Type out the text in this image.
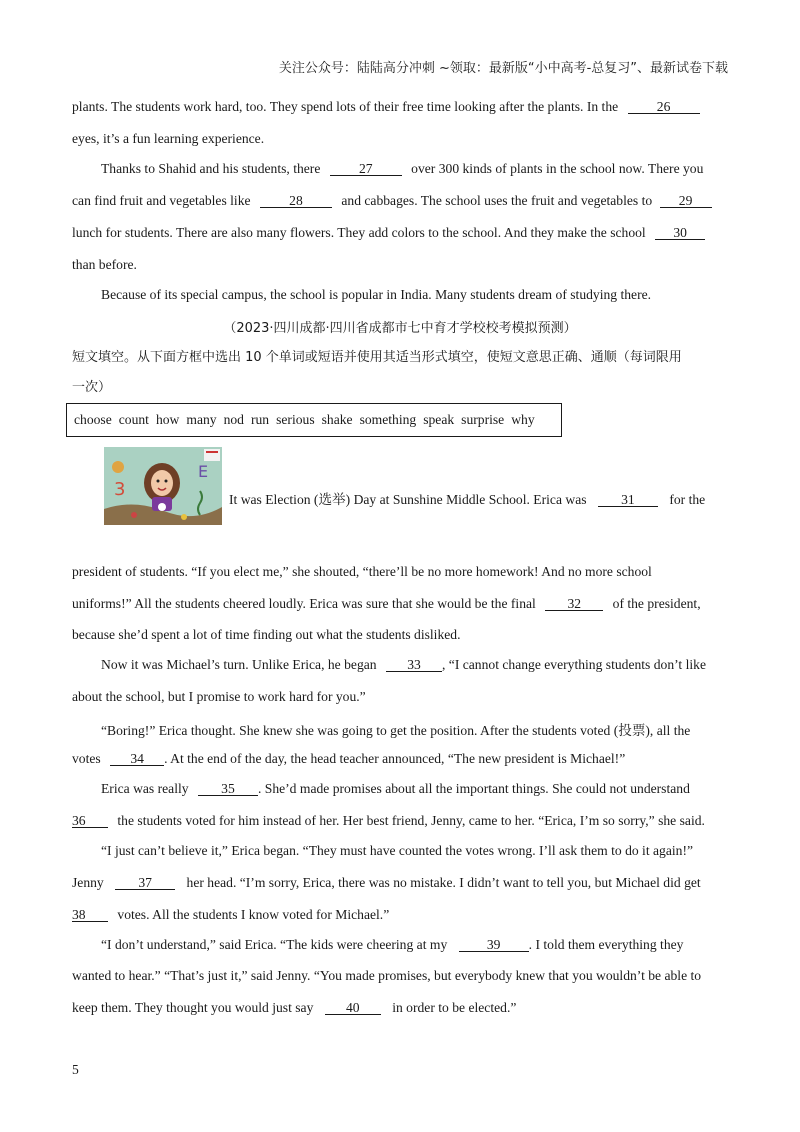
关注公众号：陆陆高分冲刺 ~领取：最新版“小中高考-总复习”、最新试卷下载
plants. The students work hard, too. They spend lots of their free time looking after the plants. In the	26
eyes, it’s a fun learning experience.
Thanks to Shahid and his students, there	27	over 300 kinds of plants in the school now. There you
can find fruit and vegetables like	28	and cabbages. The school uses the fruit and vegetables to 29
lunch for students. There are also many flowers. They add colors to the school. And they make the school 30
than before.
Because of its special campus, the school is popular in India. Many students dream of studying there.
（2023·四川成都·四川省成都市七中育才学校校考模拟预测）
短文填空。从下面方框中选出 10 个单词或短语并使用其适当形式填空，使短文意思正确、通顺（每词限用
一次）
choose count how many nod run serious shake something speak surprise why
3
E
It was Election (选举) Day at Sunshine Middle School. Erica was	31	for the
president of students. “If you elect me,” she shouted, “there’ll be no more homework! And no more school
uniforms!” All the students cheered loudly. Erica was sure that she would be the final 32 of the president,
because she’d spent a lot of time finding out what the students disliked.
Now it was Michael’s turn. Unlike Erica, he began 33 , “I cannot change everything students don’t like
about the school, but I promise to work hard for you.”
“Boring!” Erica thought. She knew she was going to get the position. After the students voted (投票), all the
votes 34 . At the end of the day, the head teacher announced, “The new president is Michael!”
Erica was really 35 . She’d made promises about all the important things. She could not understand
36 the students voted for him instead of her. Her best friend, Jenny, came to her. “Erica, I’m so sorry,” she said.
“I just can’t believe it,” Erica began. “They must have counted the votes wrong. I’ll ask them to do it again!”
Jenny	37	her head. “I’m sorry, Erica, there was no mistake. I didn’t want to tell you, but Michael did get
38 votes. All the students I know voted for Michael.”
“I don’t understand,” said Erica. “The kids were cheering at my	39 . I told them everything they
wanted to hear.” “That’s just it,” said Jenny. “You made promises, but everybody knew that you wouldn’t be able to
keep them. They thought you would just say 40 in order to be elected.”
5
